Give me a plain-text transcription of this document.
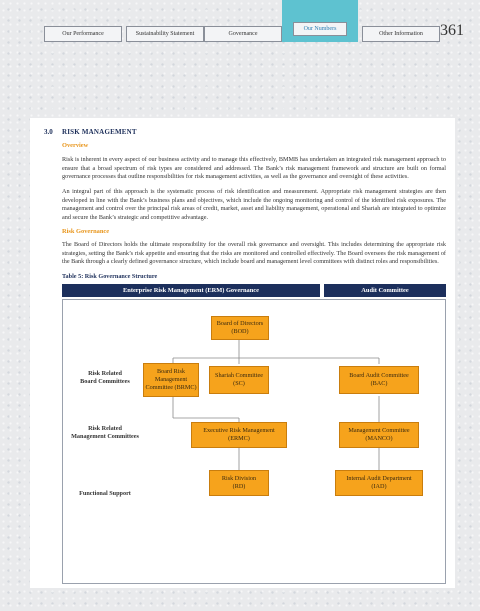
Our Performance	Sustainability Statement	Governance
Our Numbers
Other Information	361
3.0 RISK MANAGEMENT
Overview

Risk is inherent in every aspect of our business activity and to manage this effectively, BMMB has undertaken an integrated risk management approach to ensure that a broad spectrum of risk types are considered and addressed. The Bank’s risk management framework and structure are built on formal governance processes that outline responsibilities for risk management activities, as well as the governance and oversight of these activities.

An integral part of this approach is the systematic process of risk identification and measurement. Appropriate risk management strategies are then developed in line with the Bank’s business plans and objectives, which include the ongoing monitoring and control of the identified risk exposures. The management and control over the principal risk areas of credit, market, asset and liability management, operational and Shariah are integrated to optimize and secure the Bank’s strategic and competitive advantage.

Risk Governance

The Board of Directors holds the ultimate responsibility for the overall risk governance and oversight. This includes determining the appropriate risk strategies, setting the Bank’s risk appetite and ensuring that the risks are monitored and controlled effectively. The Board oversees the risk management of the Bank through a clearly defined governance structure, which include board and management level committees with distinct roles and responsibilities.

Table 5: Risk Governance Structure
Enterprise Risk Management (ERM) Governance	Audit Committee
Board of Directors
(BOD)
Risk Related
Board Committees
Board Risk
Management
Committee (BRMC)
Shariah Committee
(SC)
Board Audit Committee
(BAC)
Risk Related
Management Committees
Executive Risk Management
(ERMC)
Management Committee
(MANCO)
Functional Support
Risk Division
(RD)
Internal Audit Department
(IAD)
